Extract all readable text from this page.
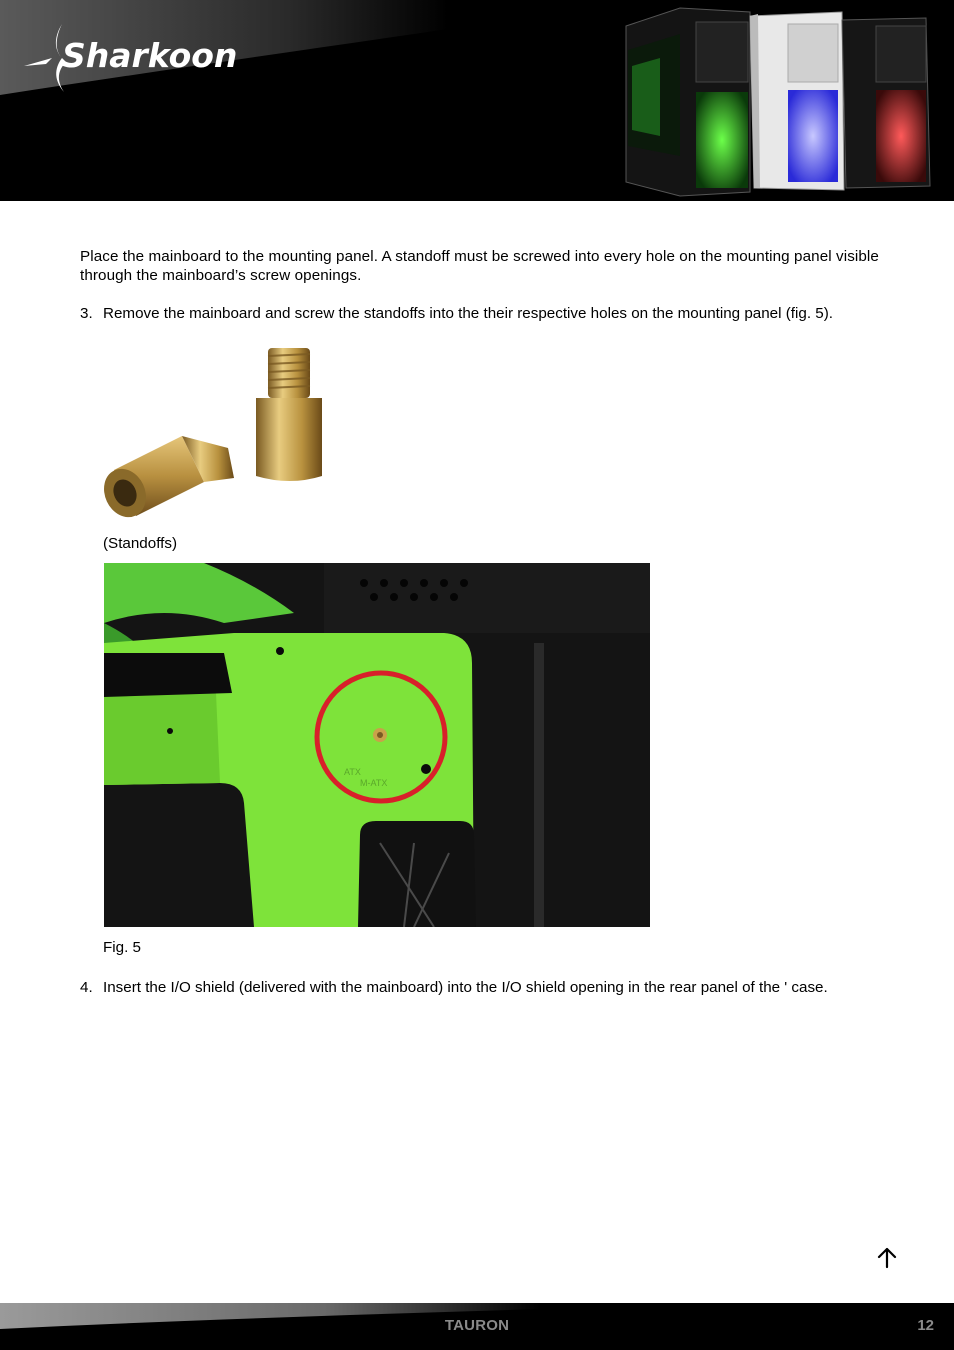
Sharkoon
Place the mainboard to the mounting panel. A standoff must be screwed into every hole on the mounting panel visible through the mainboard’s screw openings.
3. Remove the mainboard and screw the standoffs into the their respective holes on the mounting panel (fig. 5).
(Standoffs)
ATX
M-ATX
Fig. 5
4. Insert the I/O shield (delivered with the mainboard) into the I/O shield opening in the rear panel of the ' case.
TAURON	12
